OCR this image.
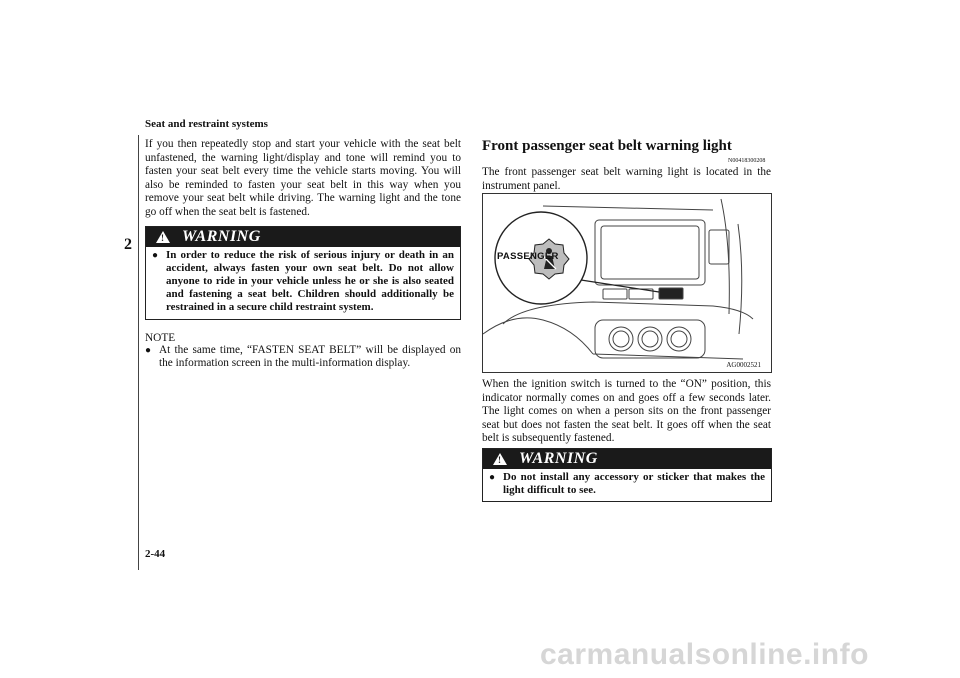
Seat and restraint systems
2
If you then repeatedly stop and start your vehicle with the seat belt unfastened, the warning light/display and tone will remind you to fasten your seat belt every time the vehicle starts moving. You will also be reminded to fasten your seat belt in this way when you remove your seat belt while driving. The warning light and the tone go off when the seat belt is fastened.
!
WARNING
● In order to reduce the risk of serious injury or death in an accident, always fasten your own seat belt. Do not allow anyone to ride in your vehicle unless he or she is also seated and fastening a seat belt. Children should additionally be restrained in a secure child restraint system.
NOTE
● At the same time, “FASTEN SEAT BELT” will be displayed on the information screen in the multi-information display.
Front passenger seat belt warning light
N00418300208
The front passenger seat belt warning light is located in the instrument panel.
PASSENGER
AG0002521
When the ignition switch is turned to the “ON” position, this indicator normally comes on and goes off a few seconds later. The light comes on when a person sits on the front passenger seat but does not fasten the seat belt. It goes off when the seat belt is subsequently fastened.
!
WARNING
● Do not install any accessory or sticker that makes the light difficult to see.
2-44
carmanualsonline.info
